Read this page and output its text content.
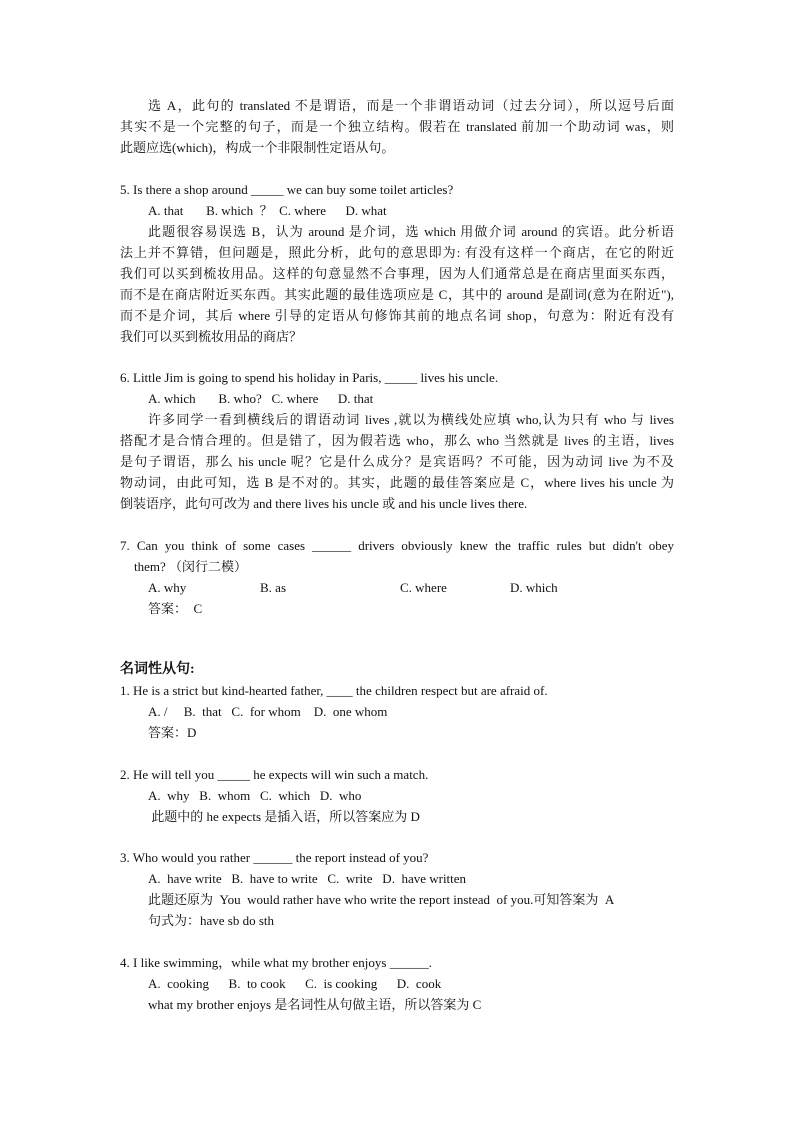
选 A，此句的 translated 不是谓语，而是一个非谓语动词（过去分词），所以逗号后面
其实不是一个完整的句子，而是一个独立结构。假若在 translated 前加一个助动词 was，则
此题应选(which)，构成一个非限制性定语从句。
5. Is there a shop around _____ we can buy some toilet articles?
A. that       B. which  ？  C. where      D. what
此题很容易误选 B，认为 around 是介词，选 which 用做介词 around 的宾语。此分析语
法上并不算错，但问题是，照此分析，此句的意思即为: 有没有这样一个商店，在它的附近
我们可以买到梳妆用品。这样的句意显然不合事理，因为人们通常总是在商店里面买东西，
而不是在商店附近买东西。其实此题的最佳选项应是 C，其中的 around 是副词(意为在附近"),
而不是介词，其后 where 引导的定语从句修饰其前的地点名词 shop，句意为：附近有没有
我们可以买到梳妆用品的商店？
6. Little Jim is going to spend his holiday in Paris, _____ lives his uncle.
A. which       B. who?   C. where      D. that
许多同学一看到横线后的谓语动词 lives ,就以为横线处应填 who,认为只有 who 与 lives
搭配才是合情合理的。但是错了，因为假若选 who，那么 who 当然就是 lives 的主语，lives
是句子谓语，那么 his uncle 呢？它是什么成分？是宾语吗？不可能，因为动词 live 为不及
物动词，由此可知，选 B 是不对的。其实，此题的最佳答案应是 C，where lives his uncle 为
倒装语序，此句可改为 and there lives his uncle 或 and his uncle lives there.
7. Can you think of some cases ______ drivers obviously knew the traffic rules but didn't obey
them? （闵行二模）
A. why	B. as	C. where	D. which
答案：  C
名词性从句:
1. He is a strict but kind-hearted father, ____ the children respect but are afraid of.
A. /     B.  that   C.  for whom    D.  one whom
答案：D
2. He will tell you _____ he expects will win such a match.
A.  why   B.  whom   C.  which   D.  who
此题中的 he expects 是插入语，所以答案应为 D
3. Who would you rather ______ the report instead of you?
A.  have write   B.  have to write   C.  write   D.  have written
此题还原为  You  would rather have who write the report instead  of you.可知答案为  A
句式为：have sb do sth
4. I like swimming，while what my brother enjoys ______.
A.  cooking      B.  to cook      C.  is cooking      D.  cook
what my brother enjoys 是名词性从句做主语，所以答案为 C
